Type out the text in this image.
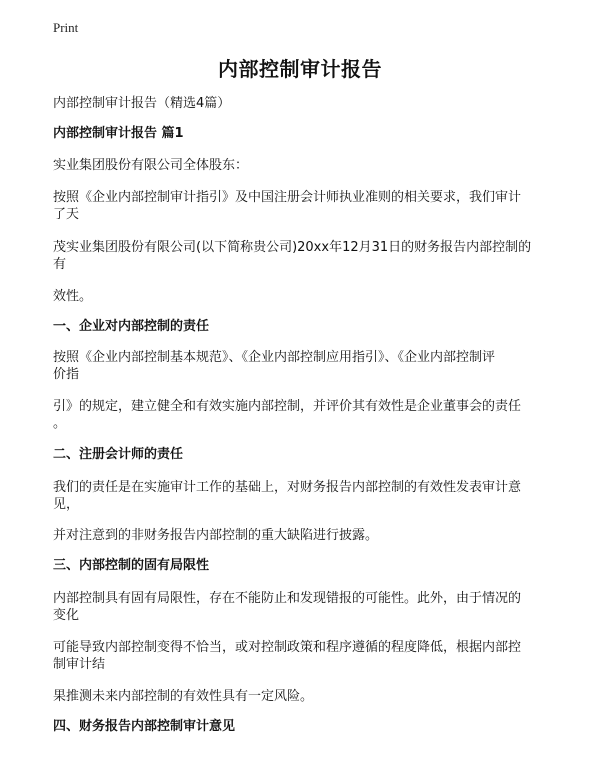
Print
内部控制审计报告
内部控制审计报告（精选4篇）
内部控制审计报告 篇1
实业集团股份有限公司全体股东：
按照《企业内部控制审计指引》及中国注册会计师执业准则的相关要求，我们审计
了天
茂实业集团股份有限公司(以下简称贵公司)20xx年12月31日的财务报告内部控制的
有
效性。
一、企业对内部控制的责任
按照《企业内部控制基本规范》、《企业内部控制应用指引》、《企业内部控制评
价指
引》的规定，建立健全和有效实施内部控制，并评价其有效性是企业董事会的责任
。
二、注册会计师的责任
我们的责任是在实施审计工作的基础上，对财务报告内部控制的有效性发表审计意
见，
并对注意到的非财务报告内部控制的重大缺陷进行披露。
三、内部控制的固有局限性
内部控制具有固有局限性，存在不能防止和发现错报的可能性。此外，由于情况的
变化
可能导致内部控制变得不恰当，或对控制政策和程序遵循的程度降低，根据内部控
制审计结
果推测未来内部控制的有效性具有一定风险。
四、财务报告内部控制审计意见
